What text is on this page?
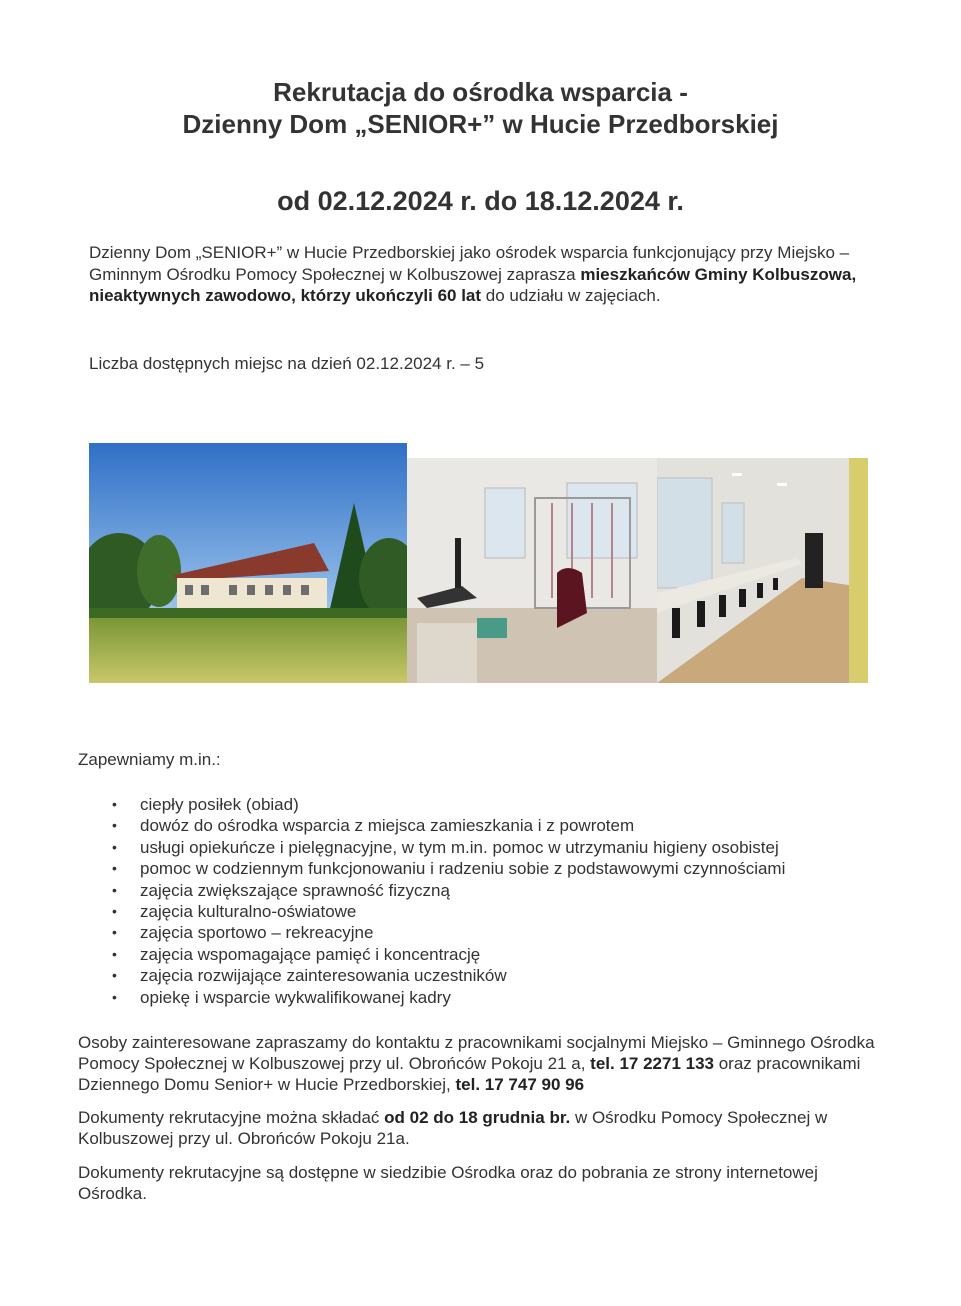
Rekrutacja do ośrodka wsparcia -
Dzienny Dom „SENIOR+” w Hucie Przedborskiej
od 02.12.2024 r. do 18.12.2024 r.
Dzienny Dom „SENIOR+” w Hucie Przedborskiej jako ośrodek wsparcia funkcjonujący przy Miejsko – Gminnym Ośrodku Pomocy Społecznej w Kolbuszowej zaprasza mieszkańców Gminy Kolbuszowa, nieaktywnych zawodowo, którzy ukończyli 60 lat do udziału w zajęciach.
Liczba dostępnych miejsc na dzień 02.12.2024 r. – 5
Zapewniamy m.in.:
• ciepły posiłek (obiad)
• dowóz do ośrodka wsparcia z miejsca zamieszkania i z powrotem
• usługi opiekuńcze i pielęgnacyjne, w tym m.in. pomoc w utrzymaniu higieny osobistej
• pomoc w codziennym funkcjonowaniu i radzeniu sobie z podstawowymi czynnościami
• zajęcia zwiększające sprawność fizyczną
• zajęcia kulturalno-oświatowe
• zajęcia sportowo – rekreacyjne
• zajęcia wspomagające pamięć i koncentrację
• zajęcia rozwijające zainteresowania uczestników
• opiekę i wsparcie wykwalifikowanej kadry
Osoby zainteresowane zapraszamy do kontaktu z pracownikami socjalnymi Miejsko – Gminnego Ośrodka Pomocy Społecznej w Kolbuszowej przy ul. Obrońców Pokoju 21 a, tel. 17 2271 133 oraz pracownikami Dziennego Domu Senior+ w Hucie Przedborskiej, tel. 17 747 90 96
Dokumenty rekrutacyjne można składać od 02 do 18 grudnia br. w Ośrodku Pomocy Społecznej w Kolbuszowej przy ul. Obrońców Pokoju 21a.
Dokumenty rekrutacyjne są dostępne w siedzibie Ośrodka oraz do pobrania ze strony internetowej Ośrodka.
